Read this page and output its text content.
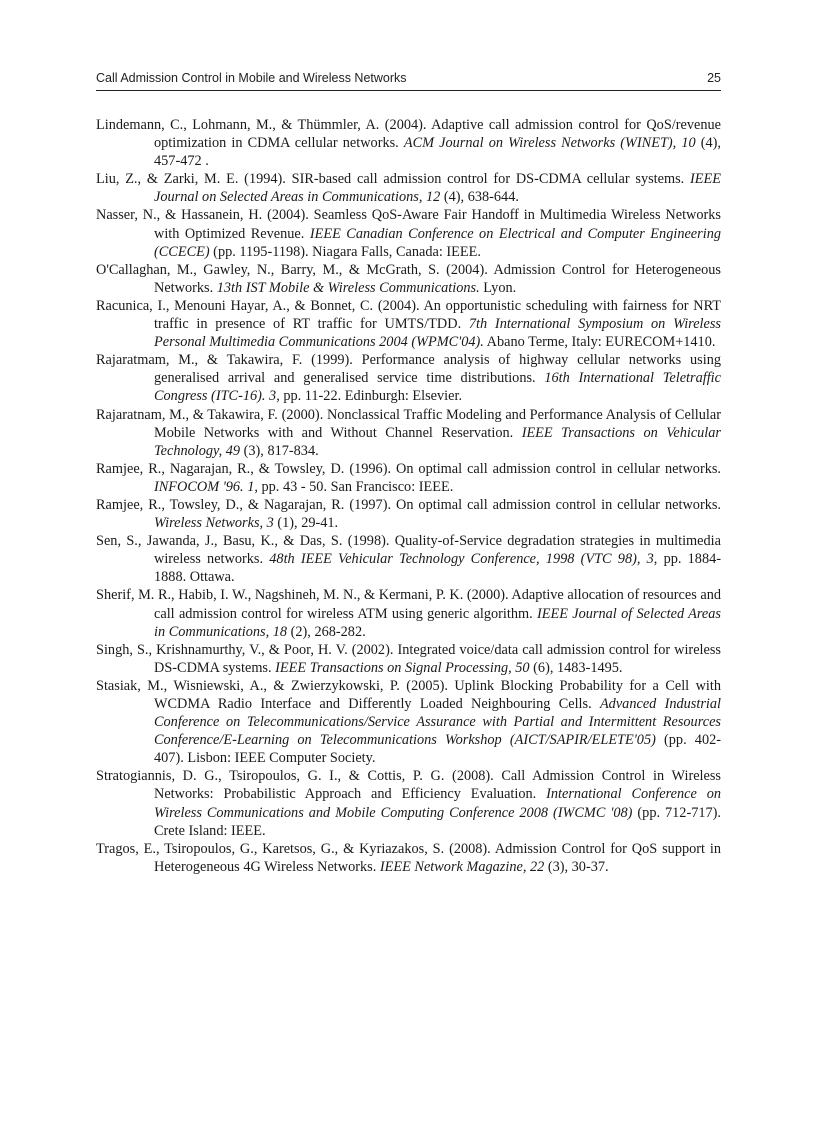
Call Admission Control in Mobile and Wireless Networks	25
Lindemann, C., Lohmann, M., & Thümmler, A. (2004). Adaptive call admission control for QoS/revenue optimization in CDMA cellular networks. ACM Journal on Wireless Networks (WINET), 10 (4), 457-472 .
Liu, Z., & Zarki, M. E. (1994). SIR-based call admission control for DS-CDMA cellular systems. IEEE Journal on Selected Areas in Communications, 12 (4), 638-644.
Nasser, N., & Hassanein, H. (2004). Seamless QoS-Aware Fair Handoff in Multimedia Wireless Networks with Optimized Revenue. IEEE Canadian Conference on Electrical and Computer Engineering (CCECE) (pp. 1195-1198). Niagara Falls, Canada: IEEE.
O'Callaghan, M., Gawley, N., Barry, M., & McGrath, S. (2004). Admission Control for Heterogeneous Networks. 13th IST Mobile & Wireless Communications. Lyon.
Racunica, I., Menouni Hayar, A., & Bonnet, C. (2004). An opportunistic scheduling with fairness for NRT traffic in presence of RT traffic for UMTS/TDD. 7th International Symposium on Wireless Personal Multimedia Communications 2004 (WPMC'04). Abano Terme, Italy: EURECOM+1410.
Rajaratmam, M., & Takawira, F. (1999). Performance analysis of highway cellular networks using generalised arrival and generalised service time distributions. 16th International Teletraffic Congress (ITC-16). 3, pp. 11-22. Edinburgh: Elsevier.
Rajaratnam, M., & Takawira, F. (2000). Nonclassical Traffic Modeling and Performance Analysis of Cellular Mobile Networks with and Without Channel Reservation. IEEE Transactions on Vehicular Technology, 49 (3), 817-834.
Ramjee, R., Nagarajan, R., & Towsley, D. (1996). On optimal call admission control in cellular networks. INFOCOM '96. 1, pp. 43 - 50. San Francisco: IEEE.
Ramjee, R., Towsley, D., & Nagarajan, R. (1997). On optimal call admission control in cellular networks. Wireless Networks, 3 (1), 29-41.
Sen, S., Jawanda, J., Basu, K., & Das, S. (1998). Quality-of-Service degradation strategies in multimedia wireless networks. 48th IEEE Vehicular Technology Conference, 1998 (VTC 98), 3, pp. 1884-1888. Ottawa.
Sherif, M. R., Habib, I. W., Nagshineh, M. N., & Kermani, P. K. (2000). Adaptive allocation of resources and call admission control for wireless ATM using generic algorithm. IEEE Journal of Selected Areas in Communications, 18 (2), 268-282.
Singh, S., Krishnamurthy, V., & Poor, H. V. (2002). Integrated voice/data call admission control for wireless DS-CDMA systems. IEEE Transactions on Signal Processing, 50 (6), 1483-1495.
Stasiak, M., Wisniewski, A., & Zwierzykowski, P. (2005). Uplink Blocking Probability for a Cell with WCDMA Radio Interface and Differently Loaded Neighbouring Cells. Advanced Industrial Conference on Telecommunications/Service Assurance with Partial and Intermittent Resources Conference/E-Learning on Telecommunications Workshop (AICT/SAPIR/ELETE'05) (pp. 402-407). Lisbon: IEEE Computer Society.
Stratogiannis, D. G., Tsiropoulos, G. I., & Cottis, P. G. (2008). Call Admission Control in Wireless Networks: Probabilistic Approach and Efficiency Evaluation. International Conference on Wireless Communications and Mobile Computing Conference 2008 (IWCMC '08) (pp. 712-717). Crete Island: IEEE.
Tragos, E., Tsiropoulos, G., Karetsos, G., & Kyriazakos, S. (2008). Admission Control for QoS support in Heterogeneous 4G Wireless Networks. IEEE Network Magazine, 22 (3), 30-37.
